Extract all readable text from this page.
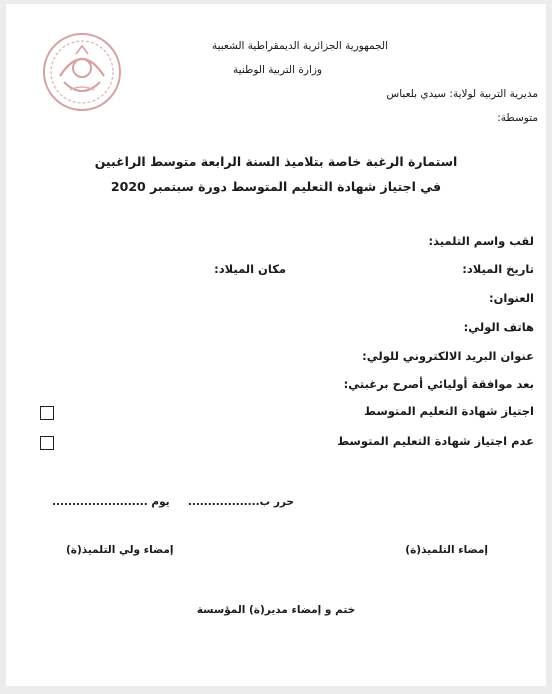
الجمهورية الجزائرية الديمقراطية الشعبية
وزارة التربية الوطنية
مديرية التربية لولاية: سيدي بلعباس
متوسطة:
استمارة الرغبة خاصة بتلاميذ السنة الرابعة متوسط الراغبين
في اجتياز شهادة التعليم المتوسط دورة سبتمبر 2020
لقب واسم التلميذ:
تاريخ الميلاد:
مكان الميلاد:
العنوان:
هاتف الولي:
عنوان البريد الالكتروني للولي:
بعد موافقة أوليائي أصرح برغبتي:
اجتياز شهادة التعليم المتوسط
عدم اجتياز شهادة التعليم المتوسط
حرر ب..................
يوم ........................
إمضاء التلميذ(ة)
إمضاء ولي التلميذ(ة)
ختم و إمضاء مدير(ة) المؤسسة
